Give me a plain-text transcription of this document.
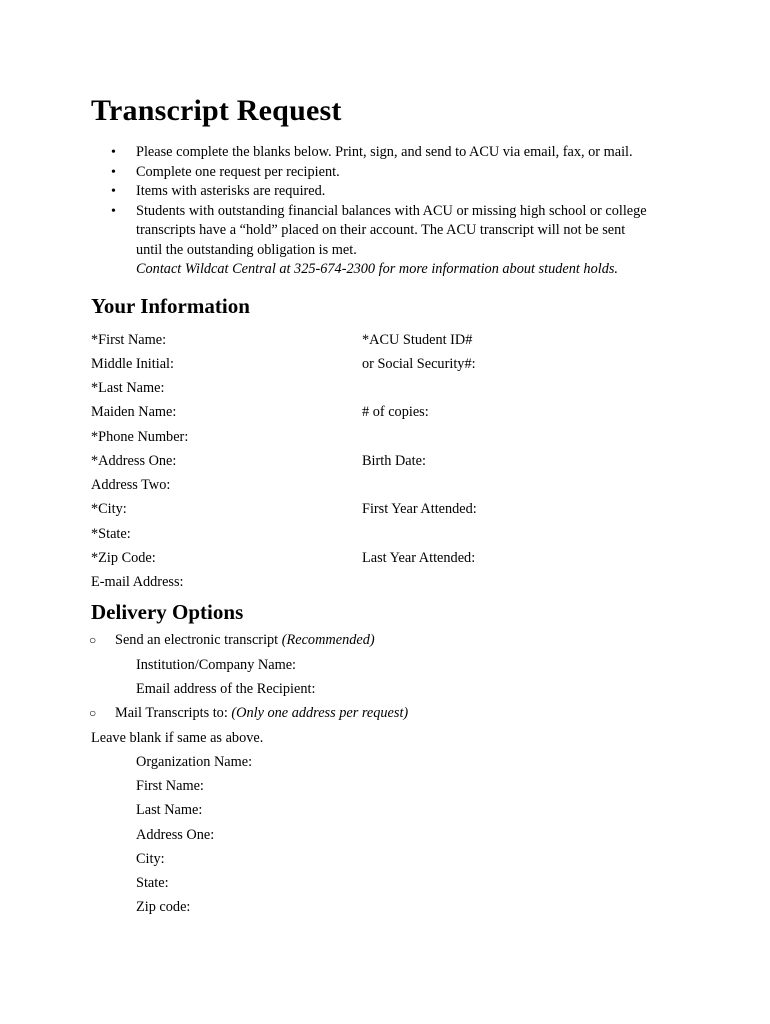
Transcript Request
• Please complete the blanks below. Print, sign, and send to ACU via email, fax, or mail.
• Complete one request per recipient.
• Items with asterisks are required.
• Students with outstanding financial balances with ACU or missing high school or college
transcripts have a “hold” placed on their account. The ACU transcript will not be sent
until the outstanding obligation is met.
Contact Wildcat Central at 325-674-2300 for more information about student holds.
Your Information
*First Name:
Middle Initial:
*Last Name:
Maiden Name:
*Phone Number:
*Address One:
Address Two:
*City:
*State:
*Zip Code:
E-mail Address:
*ACU Student ID#
or Social Security#:
# of copies:
Birth Date:
First Year Attended:
Last Year Attended:
Delivery Options
○ Send an electronic transcript (Recommended)
Institution/Company Name:
Email address of the Recipient:
○ Mail Transcripts to: (Only one address per request)
Leave blank if same as above.
Organization Name:
First Name:
Last Name:
Address One:
City:
State:
Zip code:
